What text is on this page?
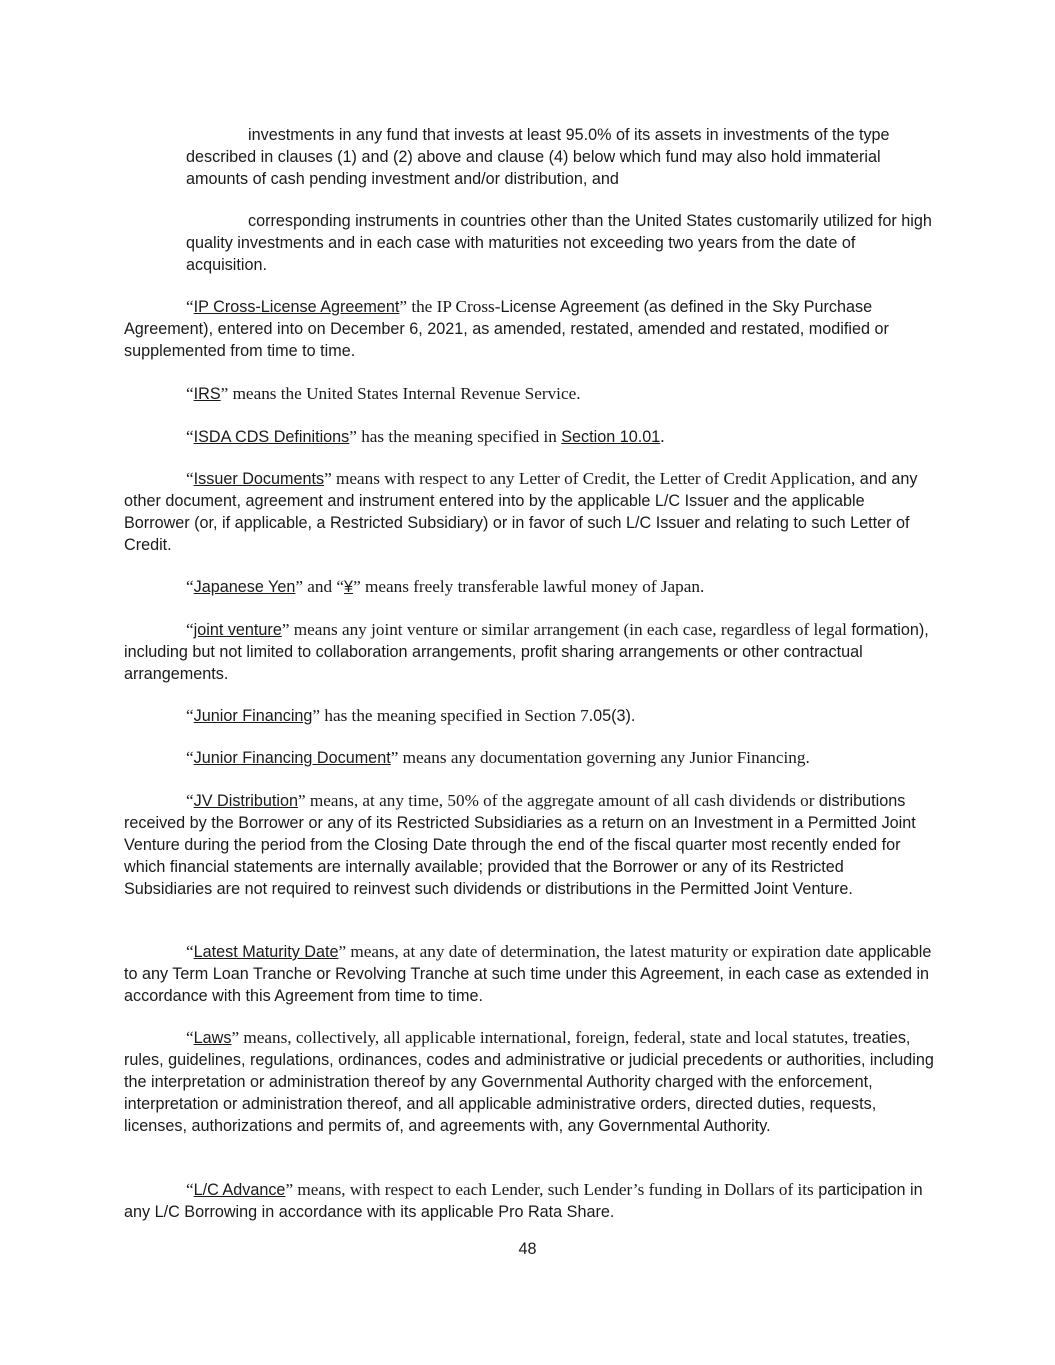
investments in any fund that invests at least 95.0% of its assets in investments of the type described in clauses (1) and (2) above and clause (4) below which fund may also hold immaterial amounts of cash pending investment and/or distribution, and

corresponding instruments in countries other than the United States customarily utilized for high quality investments and in each case with maturities not exceeding two years from the date of acquisition.

“IP Cross-License Agreement” the IP Cross-License Agreement (as defined in the Sky Purchase Agreement), entered into on December 6, 2021, as amended, restated, amended and restated, modified or supplemented from time to time.

“IRS” means the United States Internal Revenue Service.

“ISDA CDS Definitions” has the meaning specified in Section 10.01.

“Issuer Documents” means with respect to any Letter of Credit, the Letter of Credit Application, and any other document, agreement and instrument entered into by the applicable L/C Issuer and the applicable Borrower (or, if applicable, a Restricted Subsidiary) or in favor of such L/C Issuer and relating to such Letter of Credit.

“Japanese Yen” and “¥” means freely transferable lawful money of Japan.

“joint venture” means any joint venture or similar arrangement (in each case, regardless of legal formation), including but not limited to collaboration arrangements, profit sharing arrangements or other contractual arrangements.

“Junior Financing” has the meaning specified in Section 7.05(3).

“Junior Financing Document” means any documentation governing any Junior Financing.

“JV Distribution” means, at any time, 50% of the aggregate amount of all cash dividends or distributions received by the Borrower or any of its Restricted Subsidiaries as a return on an Investment in a Permitted Joint Venture during the period from the Closing Date through the end of the fiscal quarter most recently ended for which financial statements are internally available; provided that the Borrower or any of its Restricted Subsidiaries are not required to reinvest such dividends or distributions in the Permitted Joint Venture.

“Latest Maturity Date” means, at any date of determination, the latest maturity or expiration date applicable to any Term Loan Tranche or Revolving Tranche at such time under this Agreement, in each case as extended in accordance with this Agreement from time to time.

“Laws” means, collectively, all applicable international, foreign, federal, state and local statutes, treaties, rules, guidelines, regulations, ordinances, codes and administrative or judicial precedents or authorities, including the interpretation or administration thereof by any Governmental Authority charged with the enforcement, interpretation or administration thereof, and all applicable administrative orders, directed duties, requests, licenses, authorizations and permits of, and agreements with, any Governmental Authority.

“L/C Advance” means, with respect to each Lender, such Lender’s funding in Dollars of its participation in any L/C Borrowing in accordance with its applicable Pro Rata Share.

48
